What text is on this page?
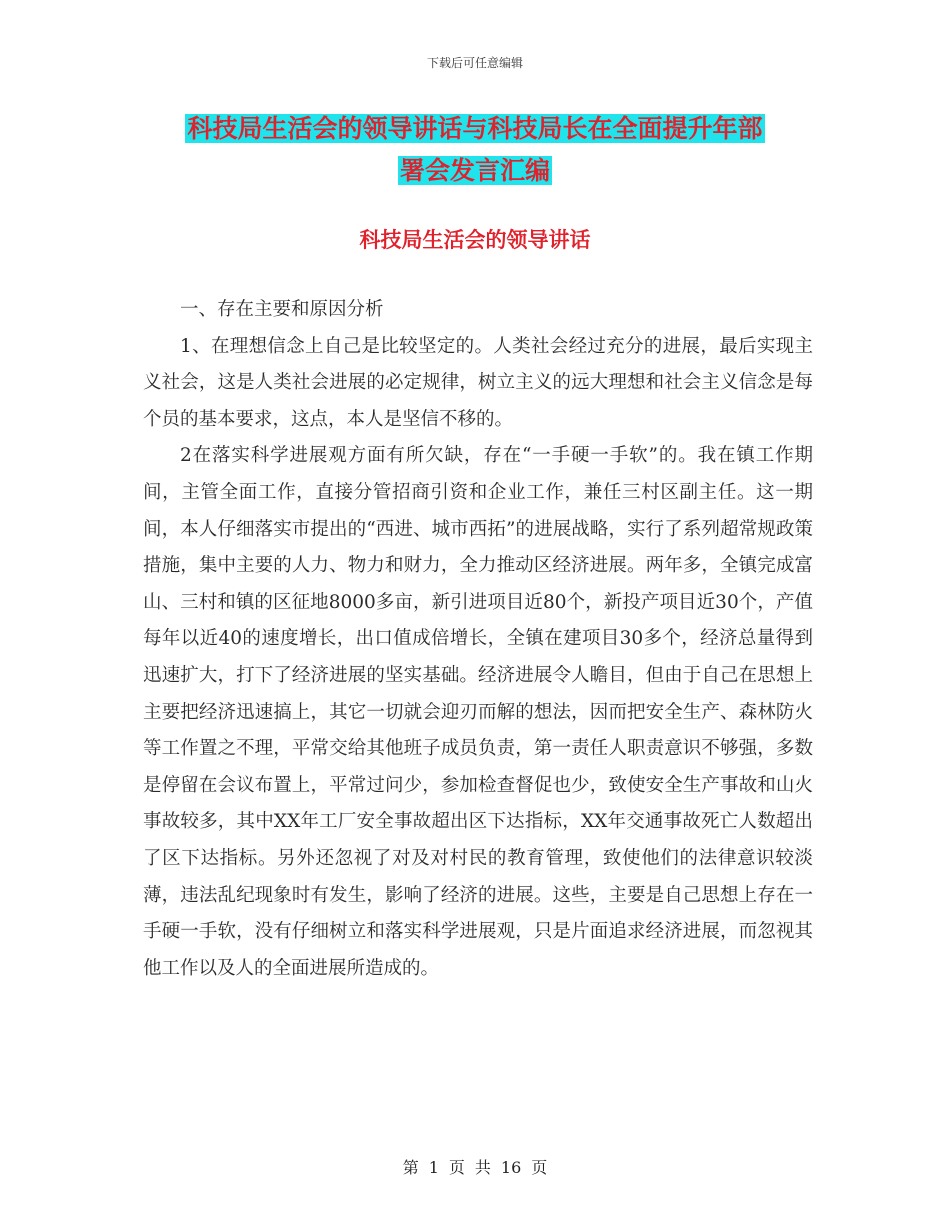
下载后可任意编辑
科技局生活会的领导讲话与科技局长在全面提升年部
署会发言汇编
科技局生活会的领导讲话

一、存在主要和原因分析

1、在理想信念上自己是比较坚定的。人类社会经过充分的进展，最后实现主义社会，这是人类社会进展的必定规律，树立主义的远大理想和社会主义信念是每个员的基本要求，这点，本人是坚信不移的。

2在落实科学进展观方面有所欠缺，存在“一手硬一手软”的。我在镇工作期间，主管全面工作，直接分管招商引资和企业工作，兼任三村区副主任。这一期间，本人仔细落实市提出的“西进、城市西拓”的进展战略，实行了系列超常规政策措施，集中主要的人力、物力和财力，全力推动区经济进展。两年多，全镇完成富山、三村和镇的区征地8000多亩，新引进项目近80个，新投产项目近30个，产值每年以近40的速度增长，出口值成倍增长，全镇在建项目30多个，经济总量得到迅速扩大，打下了经济进展的坚实基础。经济进展令人瞻目，但由于自己在思想上主要把经济迅速搞上，其它一切就会迎刃而解的想法，因而把安全生产、森林防火等工作置之不理，平常交给其他班子成员负责，第一责任人职责意识不够强，多数是停留在会议布置上，平常过问少，参加检查督促也少，致使安全生产事故和山火事故较多，其中XX年工厂安全事故超出区下达指标，XX年交通事故死亡人数超出了区下达指标。另外还忽视了对及对村民的教育管理，致使他们的法律意识较淡薄，违法乱纪现象时有发生，影响了经济的进展。这些，主要是自己思想上存在一手硬一手软，没有仔细树立和落实科学进展观，只是片面追求经济进展，而忽视其他工作以及人的全面进展所造成的。

第 1 页 共 16 页
